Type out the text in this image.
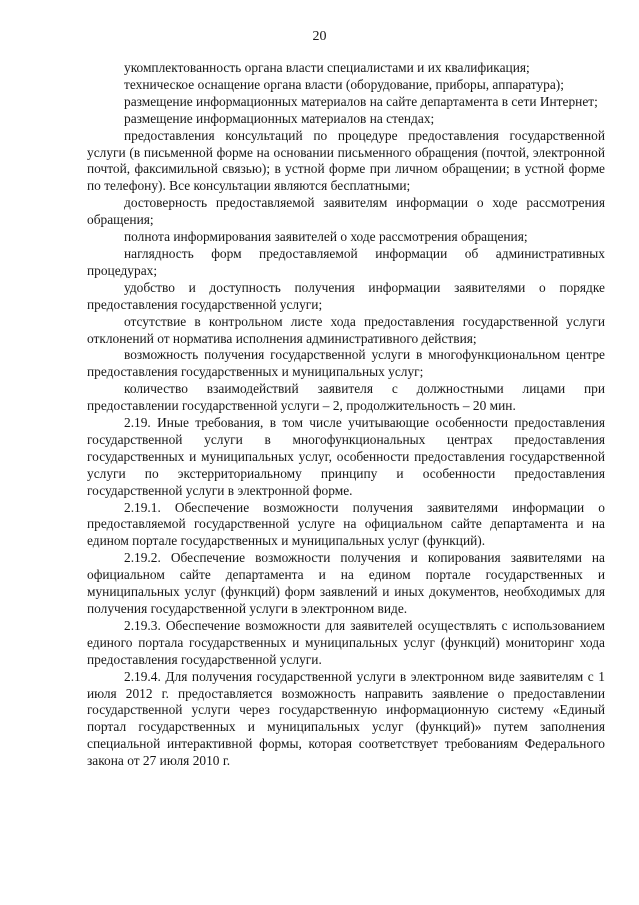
20

укомплектованность органа власти специалистами и их квалификация;

техническое оснащение органа власти (оборудование, приборы, аппаратура);

размещение информационных материалов на сайте департамента в сети Интернет;

размещение информационных материалов на стендах;

предоставления консультаций по процедуре предоставления государственной услуги (в письменной форме на основании письменного обращения (почтой, электронной почтой, факсимильной связью); в устной форме при личном обращении; в устной форме по телефону). Все консультации являются бесплатными;

достоверность предоставляемой заявителям информации о ходе рассмотрения обращения;

полнота информирования заявителей о ходе рассмотрения обращения;

наглядность форм предоставляемой информации об административных процедурах;

удобство и доступность получения информации заявителями о порядке предоставления государственной услуги;

отсутствие в контрольном листе хода предоставления государственной услуги отклонений от норматива исполнения административного действия;

возможность получения государственной услуги в многофункциональном центре предоставления государственных и муниципальных услуг;

количество взаимодействий заявителя с должностными лицами при предоставлении государственной услуги – 2, продолжительность – 20 мин.

2.19. Иные требования, в том числе учитывающие особенности предоставления государственной услуги в многофункциональных центрах предоставления государственных и муниципальных услуг, особенности предоставления государственной услуги по экстерриториальному принципу и особенности предоставления государственной услуги в электронной форме.

2.19.1. Обеспечение возможности получения заявителями информации о предоставляемой государственной услуге на официальном сайте департамента и на едином портале государственных и муниципальных услуг (функций).

2.19.2. Обеспечение возможности получения и копирования заявителями на официальном сайте департамента и на едином портале государственных и муниципальных услуг (функций) форм заявлений и иных документов, необходимых для получения государственной услуги в электронном виде.

2.19.3. Обеспечение возможности для заявителей осуществлять с использованием единого портала государственных и муниципальных услуг (функций) мониторинг хода предоставления государственной услуги.

2.19.4. Для получения государственной услуги в электронном виде заявителям с 1 июля 2012 г. предоставляется возможность направить заявление о предоставлении государственной услуги через государственную информационную систему «Единый портал государственных и муниципальных услуг (функций)» путем заполнения специальной интерактивной формы, которая соответствует требованиям Федерального закона от 27 июля 2010 г.
